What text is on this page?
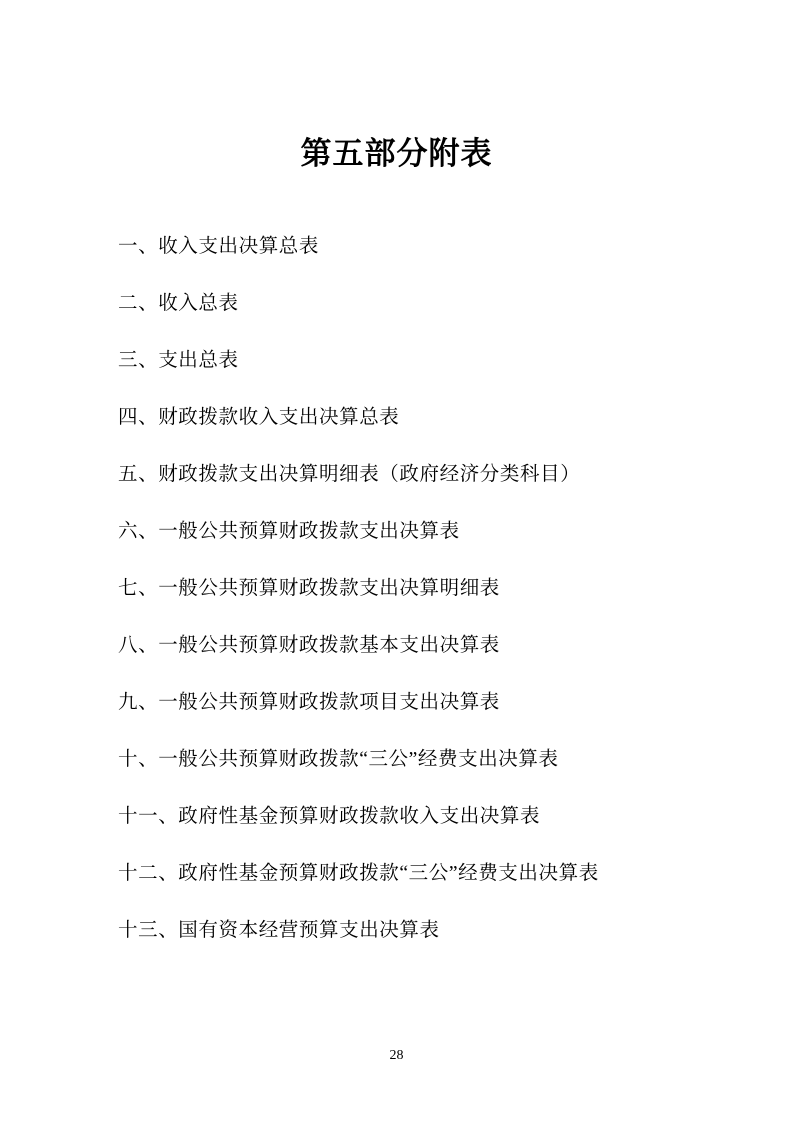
第五部分附表
一、收入支出决算总表
二、收入总表
三、支出总表
四、财政拨款收入支出决算总表
五、财政拨款支出决算明细表（政府经济分类科目）
六、一般公共预算财政拨款支出决算表
七、一般公共预算财政拨款支出决算明细表
八、一般公共预算财政拨款基本支出决算表
九、一般公共预算财政拨款项目支出决算表
十、一般公共预算财政拨款“三公”经费支出决算表
十一、政府性基金预算财政拨款收入支出决算表
十二、政府性基金预算财政拨款“三公”经费支出决算表
十三、国有资本经营预算支出决算表
28
